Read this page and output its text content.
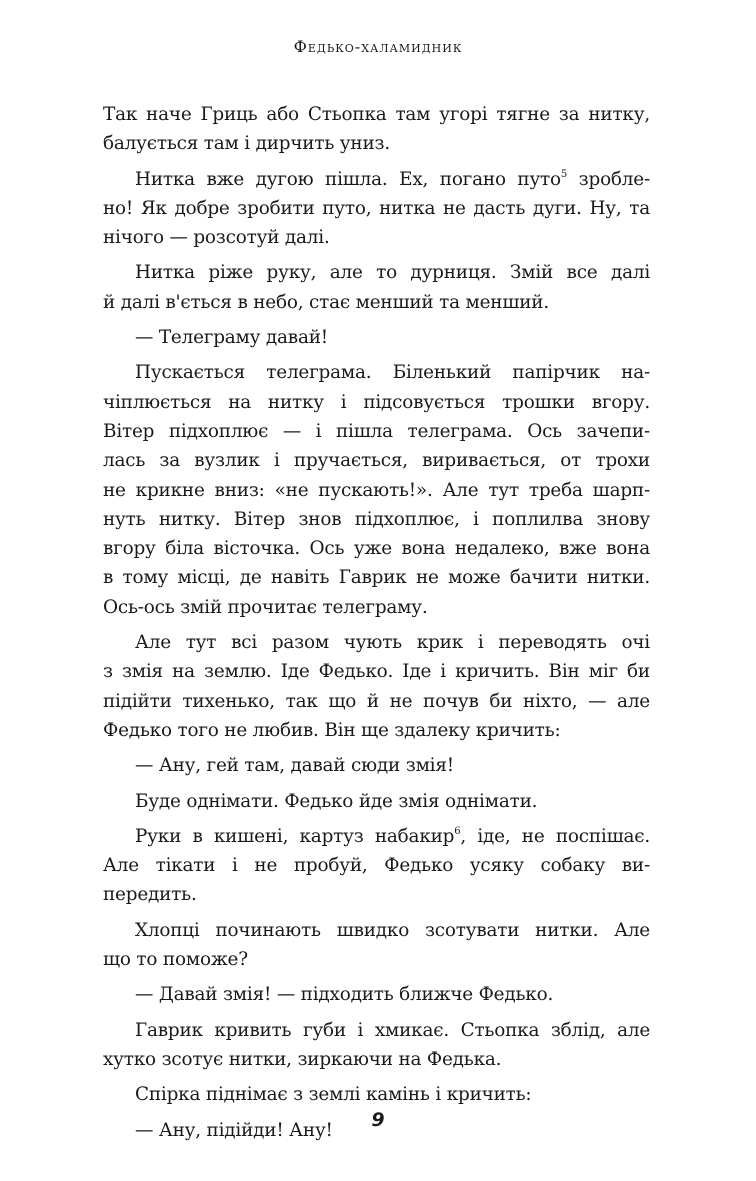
Федько-халамидник
Так наче Гриць або Стьопка там угорі тягне за нитку,
балується там і дирчить униз.
Нитка вже дугою пішла. Ех, погано путо$^5$ зробле-
но! Як добре зробити путо, нитка не дасть дуги. Ну, та
нічого — розсотуй далі.
Нитка ріже руку, але то дурниця. Змій все далі
й далі в'ється в небо, стає менший та менший.
— Телеграму давай!
Пускається телеграма. Біленький папірчик на-
чіплюється на нитку і підсовується трошки вгору.
Вітер підхоплює — і пішла телеграма. Ось зачепи-
лась за вузлик і пручається, виривається, от трохи
не крикне вниз: «не пускають!». Але тут треба шарп-
нуть нитку. Вітер знов підхоплює, і поплилва знову
вгору біла вісточка. Ось уже вона недалеко, вже вона
в тому місці, де навіть Гаврик не може бачити нитки.
Ось-ось змій прочитає телеграму.
Але тут всі разом чують крик і переводять очі
з змія на землю. Іде Федько. Іде і кричить. Він міг би
підійти тихенько, так що й не почув би ніхто, — але
Федько того не любив. Він ще здалеку кричить:
— Ану, гей там, давай сюди змія!
Буде однімати. Федько йде змія однімати.
Руки в кишені, картуз набакир$^6$, іде, не поспішає.
Але тікати і не пробуй, Федько усяку собаку ви-
передить.
Хлопці починають швидко зсотувати нитки. Але
що то поможе?
— Давай змія! — підходить ближче Федько.
Гаврик кривить губи і хмикає. Стьопка зблід, але
хутко зсотує нитки, зиркаючи на Федька.
Спірка піднімає з землі камінь і кричить:
— Ану, підійди! Ану!	9
